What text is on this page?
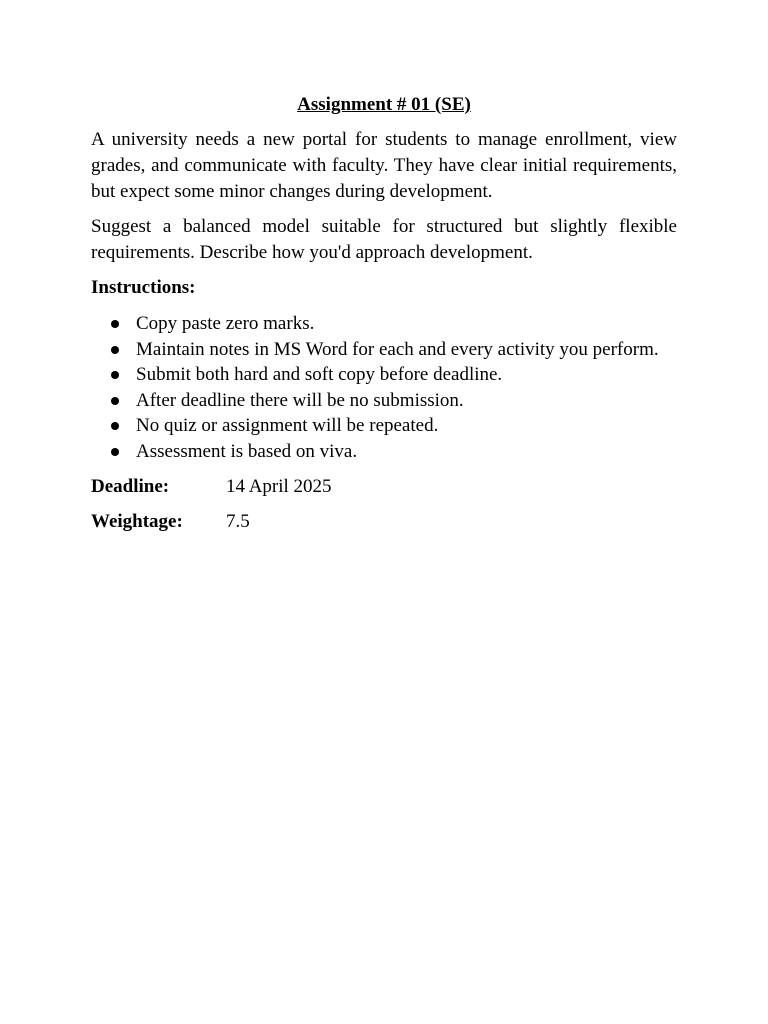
Assignment # 01 (SE)

A university needs a new portal for students to manage enrollment, view grades, and communicate with faculty. They have clear initial requirements, but expect some minor changes during development.

Suggest a balanced model suitable for structured but slightly flexible requirements. Describe how you'd approach development.

Instructions:
Copy paste zero marks.
Maintain notes in MS Word for each and every activity you perform.
Submit both hard and soft copy before deadline.
After deadline there will be no submission.
No quiz or assignment will be repeated.
Assessment is based on viva.
Deadline:	14 April 2025
Weightage:	7.5
